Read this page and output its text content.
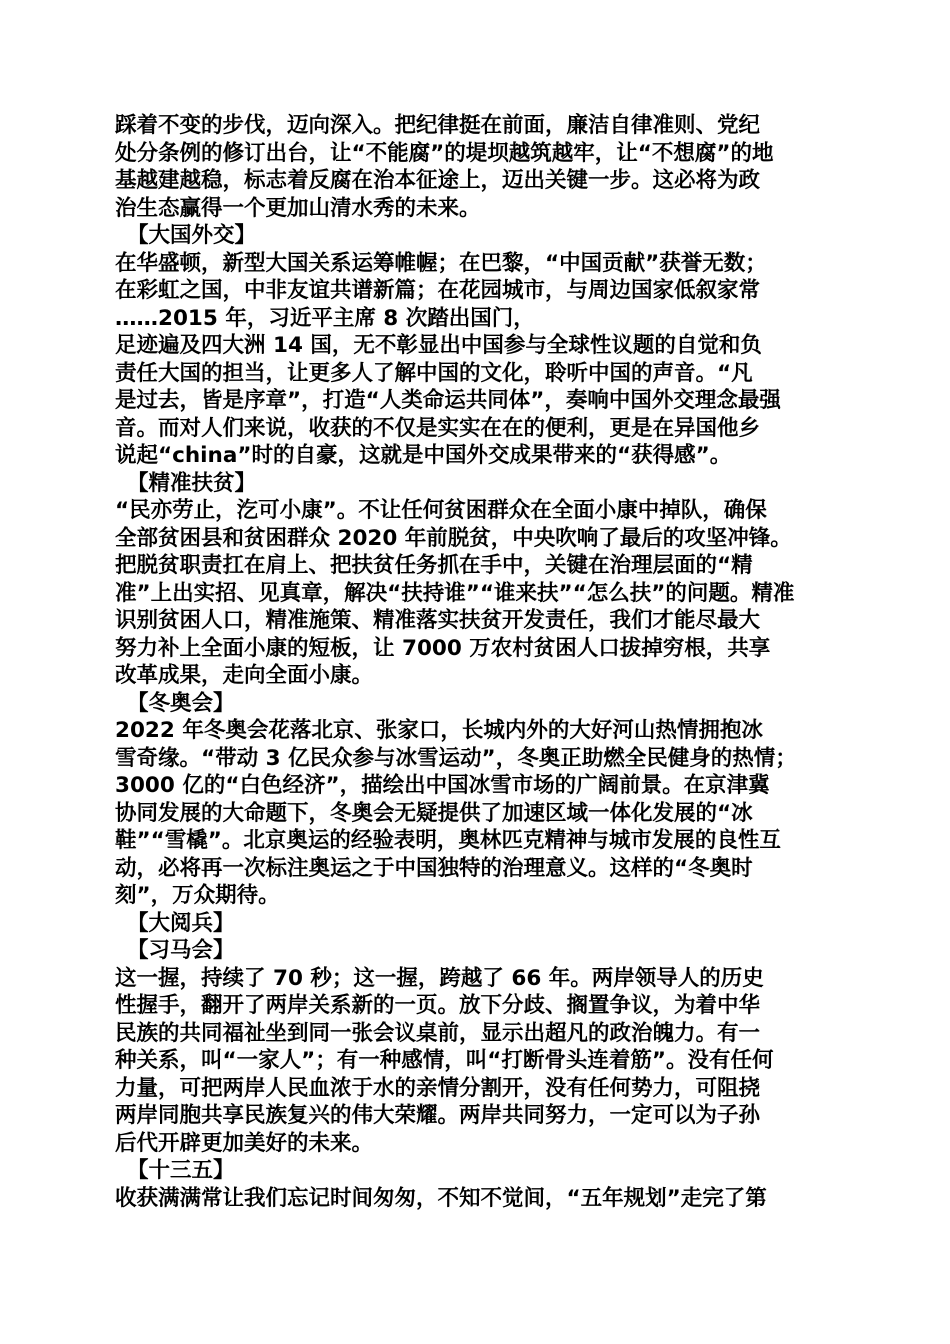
踩着不变的步伐，迈向深入。把纪律挺在前面，廉洁自律准则、党纪
处分条例的修订出台，让“不能腐”的堤坝越筑越牢，让“不想腐”的地
基越建越稳，标志着反腐在治本征途上，迈出关键一步。这必将为政
治生态赢得一个更加山清水秀的未来。
【大国外交】
在华盛顿，新型大国关系运筹帷幄；在巴黎，“中国贡献”获誉无数；
在彩虹之国，中非友谊共谱新篇；在花园城市，与周边国家低叙家常
……2015 年，习近平主席 8 次踏出国门，
足迹遍及四大洲 14 国，无不彰显出中国参与全球性议题的自觉和负
责任大国的担当，让更多人了解中国的文化，聆听中国的声音。“凡
是过去，皆是序章”，打造“人类命运共同体”，奏响中国外交理念最强
音。而对人们来说，收获的不仅是实实在在的便利，更是在异国他乡
说起“china”时的自豪，这就是中国外交成果带来的“获得感”。
【精准扶贫】
“民亦劳止，汔可小康”。不让任何贫困群众在全面小康中掉队，确保
全部贫困县和贫困群众 2020 年前脱贫，中央吹响了最后的攻坚冲锋。
把脱贫职责扛在肩上、把扶贫任务抓在手中，关键在治理层面的“精
准”上出实招、见真章，解决“扶持谁”“谁来扶”“怎么扶”的问题。精准
识别贫困人口，精准施策、精准落实扶贫开发责任，我们才能尽最大
努力补上全面小康的短板，让 7000 万农村贫困人口拔掉穷根，共享
改革成果，走向全面小康。
【冬奥会】
2022 年冬奥会花落北京、张家口，长城内外的大好河山热情拥抱冰
雪奇缘。“带动 3 亿民众参与冰雪运动”，冬奥正助燃全民健身的热情；
3000 亿的“白色经济”，描绘出中国冰雪市场的广阔前景。在京津冀
协同发展的大命题下，冬奥会无疑提供了加速区域一体化发展的“冰
鞋”“雪橇”。北京奥运的经验表明，奥林匹克精神与城市发展的良性互
动，必将再一次标注奥运之于中国独特的治理意义。这样的“冬奥时
刻”，万众期待。
【大阅兵】
【习马会】
这一握，持续了 70 秒；这一握，跨越了 66 年。两岸领导人的历史
性握手，翻开了两岸关系新的一页。放下分歧、搁置争议，为着中华
民族的共同福祉坐到同一张会议桌前，显示出超凡的政治魄力。有一
种关系，叫“一家人”；有一种感情，叫“打断骨头连着筋”。没有任何
力量，可把两岸人民血浓于水的亲情分割开，没有任何势力，可阻挠
两岸同胞共享民族复兴的伟大荣耀。两岸共同努力，一定可以为子孙
后代开辟更加美好的未来。
【十三五】
收获满满常让我们忘记时间匆匆，不知不觉间，“五年规划”走完了第
